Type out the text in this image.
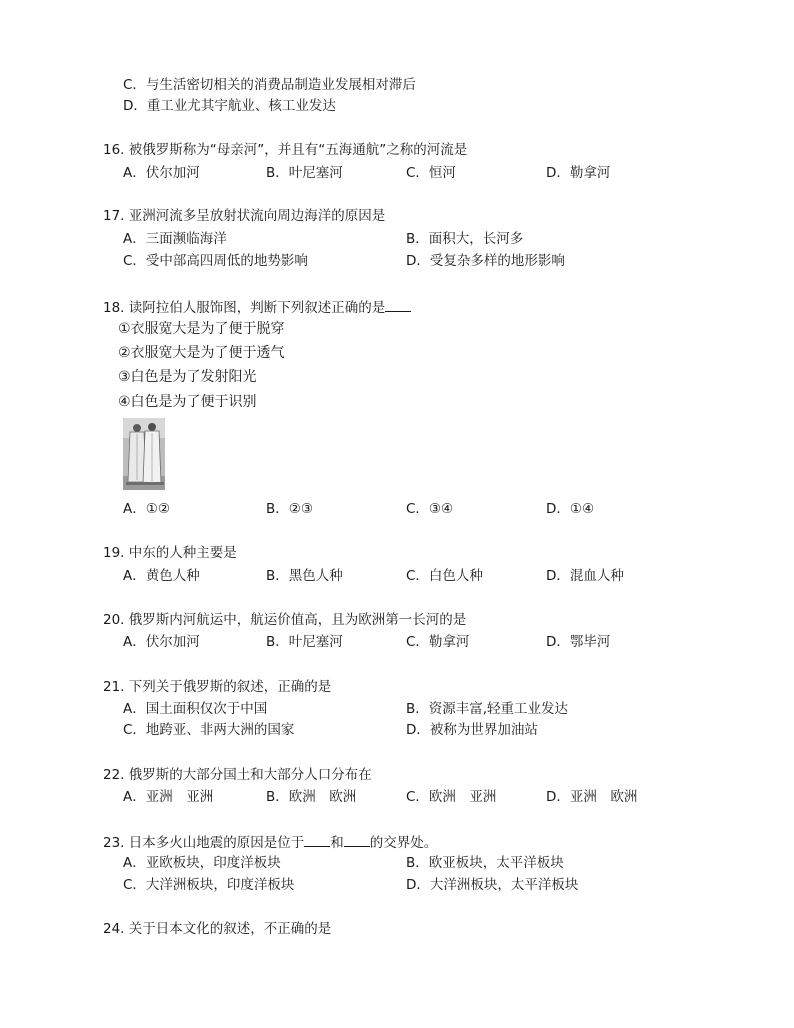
C．与生活密切相关的消费品制造业发展相对滞后
D．重工业尤其宇航业、核工业发达
16. 被俄罗斯称为“母亲河”，并且有“五海通航”之称的河流是
A．伏尔加河	B．叶尼塞河	C．恒河	D．勒拿河
17. 亚洲河流多呈放射状流向周边海洋的原因是
A．三面濒临海洋	B．面积大，长河多
C．受中部高四周低的地势影响	D．受复杂多样的地形影响
18. 读阿拉伯人服饰图，判断下列叙述正确的是
①衣服宽大是为了便于脱穿
②衣服宽大是为了便于透气
③白色是为了发射阳光
④白色是为了便于识别
A．①②	B．②③	C．③④	D．①④
19. 中东的人种主要是
A．黄色人种	B．黑色人种	C．白色人种	D．混血人种
20. 俄罗斯内河航运中，航运价值高，且为欧洲第一长河的是
A．伏尔加河	B．叶尼塞河	C．勒拿河	D．鄂毕河
21. 下列关于俄罗斯的叙述，正确的是
A．国土面积仅次于中国	B．资源丰富,轻重工业发达
C．地跨亚、非两大洲的国家	D．被称为世界加油站
22. 俄罗斯的大部分国土和大部分人口分布在
A．亚洲　亚洲	B．欧洲　欧洲	C．欧洲　亚洲	D．亚洲　欧洲
23. 日本多火山地震的原因是位于 和 的交界处。
A．亚欧板块，印度洋板块	B．欧亚板块，太平洋板块
C．大洋洲板块，印度洋板块	D．大洋洲板块，太平洋板块
24. 关于日本文化的叙述，不正确的是
